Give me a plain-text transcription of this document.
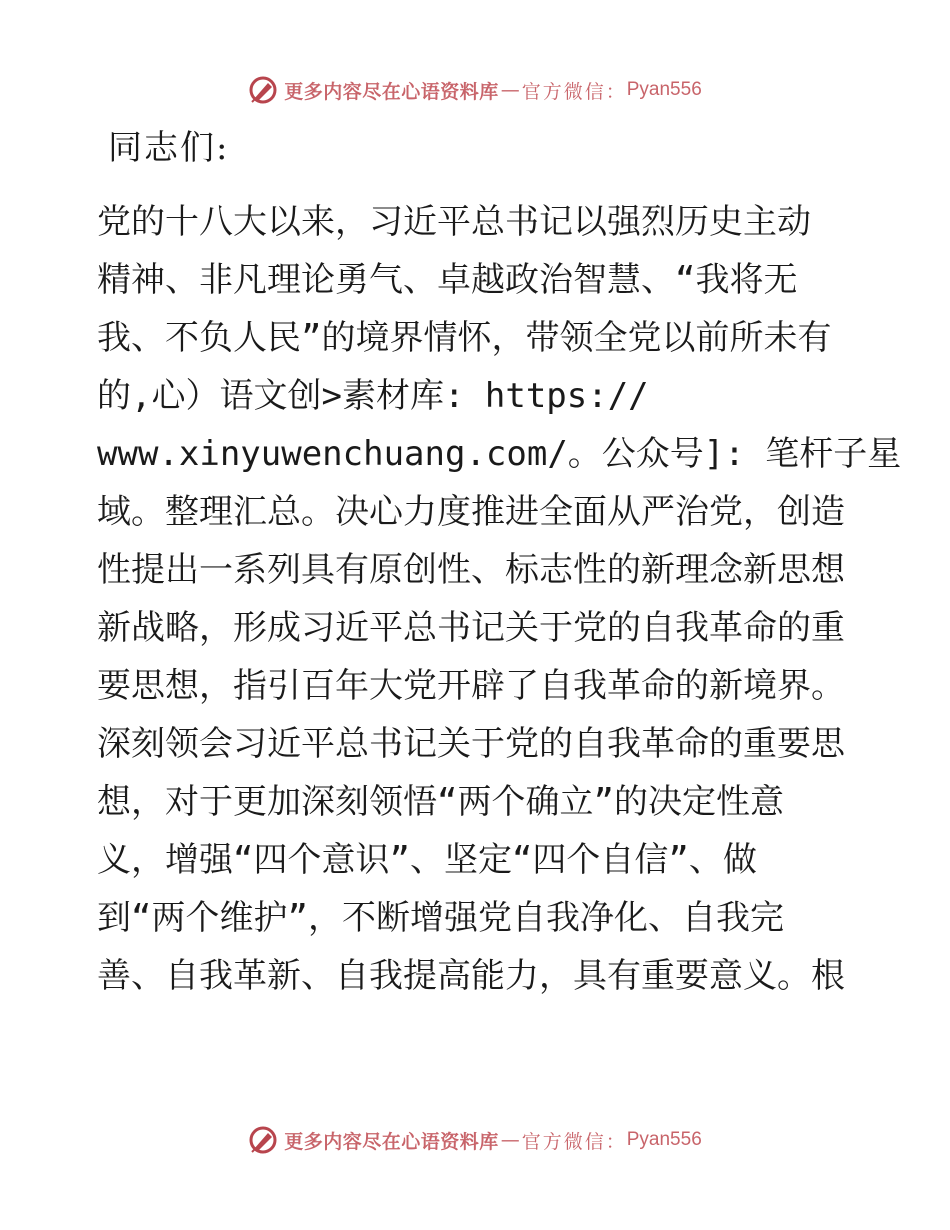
更多内容尽在心语资料库 — 官方微信： Pyan556
同志们:
党的十八大以来，习近平总书记以强烈历史主动
精神、非凡理论勇气、卓越政治智慧、“我将无
我、不负人民”的境界情怀，带领全党以前所未有
的,心）语文创>素材库: https://
www.xinyuwenchuang.com/。公众号]: 笔杆子星
域。整理汇总。决心力度推进全面从严治党，创造
性提出一系列具有原创性、标志性的新理念新思想
新战略，形成习近平总书记关于党的自我革命的重
要思想，指引百年大党开辟了自我革命的新境界。
深刻领会习近平总书记关于党的自我革命的重要思
想，对于更加深刻领悟“两个确立”的决定性意
义，增强“四个意识”、坚定“四个自信”、做
到“两个维护”，不断增强党自我净化、自我完
善、自我革新、自我提高能力，具有重要意义。根
更多内容尽在心语资料库 — 官方微信： Pyan556
